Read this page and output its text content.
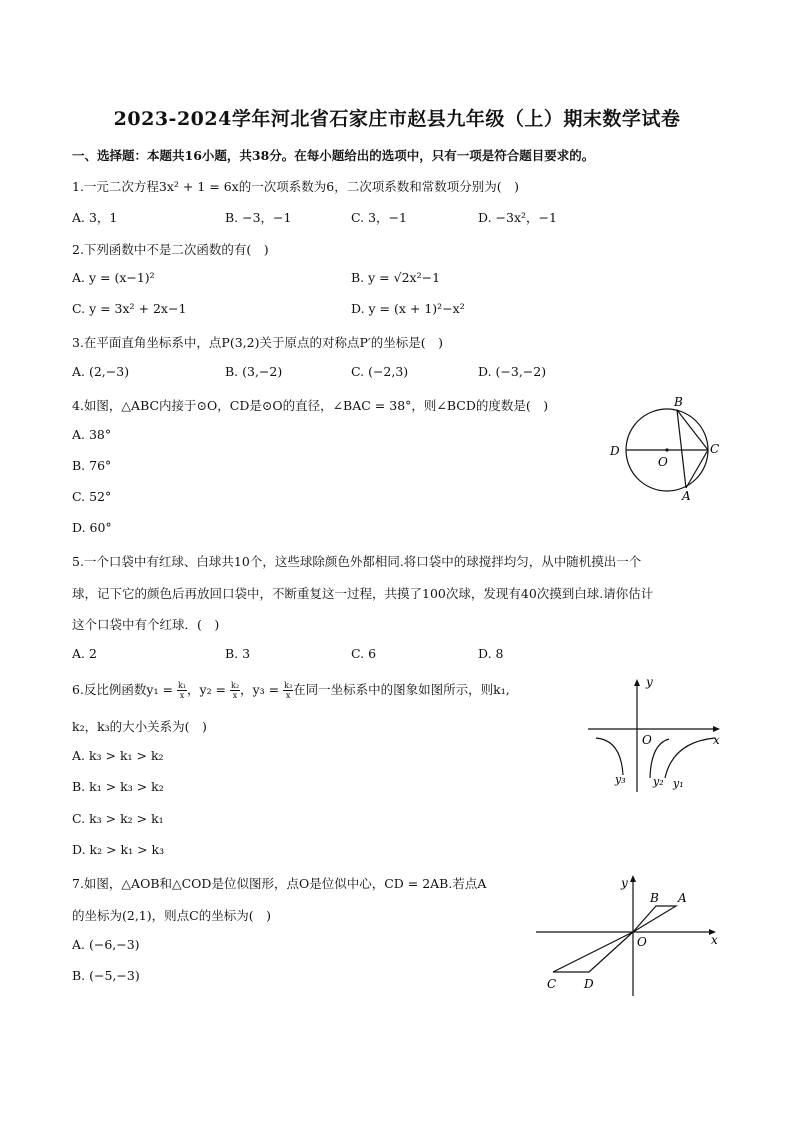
2023-2024学年河北省石家庄市赵县九年级（上）期末数学试卷
一、选择题：本题共16小题，共38分。在每小题给出的选项中，只有一项是符合题目要求的。
1.一元二次方程3x² + 1 = 6x的一次项系数为6，二次项系数和常数项分别为(　)
A. 3，1	B. −3，−1	C. 3，−1	D. −3x²，−1
2.下列函数中不是二次函数的有(　)
A. y = (x−1)²	B. y = √2x²−1
C. y = 3x² + 2x−1	D. y = (x + 1)²−x²
3.在平面直角坐标系中，点P(3,2)关于原点的对称点P′的坐标是(　)
A. (2,−3)	B. (3,−2)	C. (−2,3)	D. (−3,−2)
4.如图，△ABC内接于⊙O，CD是⊙O的直径，∠BAC = 38°，则∠BCD的度数是(　)
A. 38°
B. 76°
C. 52°
D. 60°
B
C
D
O
A
5.一个口袋中有红球、白球共10个，这些球除颜色外都相同.将口袋中的球搅拌均匀，从中随机摸出一个
球，记下它的颜色后再放回口袋中，不断重复这一过程，共摸了100次球，发现有40次摸到白球.请你估计
这个口袋中有个红球．(　)
A. 2	B. 3	C. 6	D. 8
6.反比例函数$y_1 = \frac{\text{k₁}}{x}$ ，$y_2 = \frac{\text{k₂}}{x}$ ，$y_3 = \frac{\text{k₃}}{x}$ 在同一坐标系中的图象如图所示，则k₁,
k₂，k₃的大小关系为(　)
A. k₃ > k₁ > k₂
B. k₁ > k₃ > k₂
C. k₃ > k₂ > k₁
D. k₂ > k₁ > k₃
y
x
O
y₃ y₂ y₁
7.如图，△AOB和△COD是位似图形，点O是位似中心，CD = 2AB.若点A
的坐标为(2,1)，则点C的坐标为(　)
A. (−6,−3)
B. (−5,−3)
y
x
O
B A
C D
